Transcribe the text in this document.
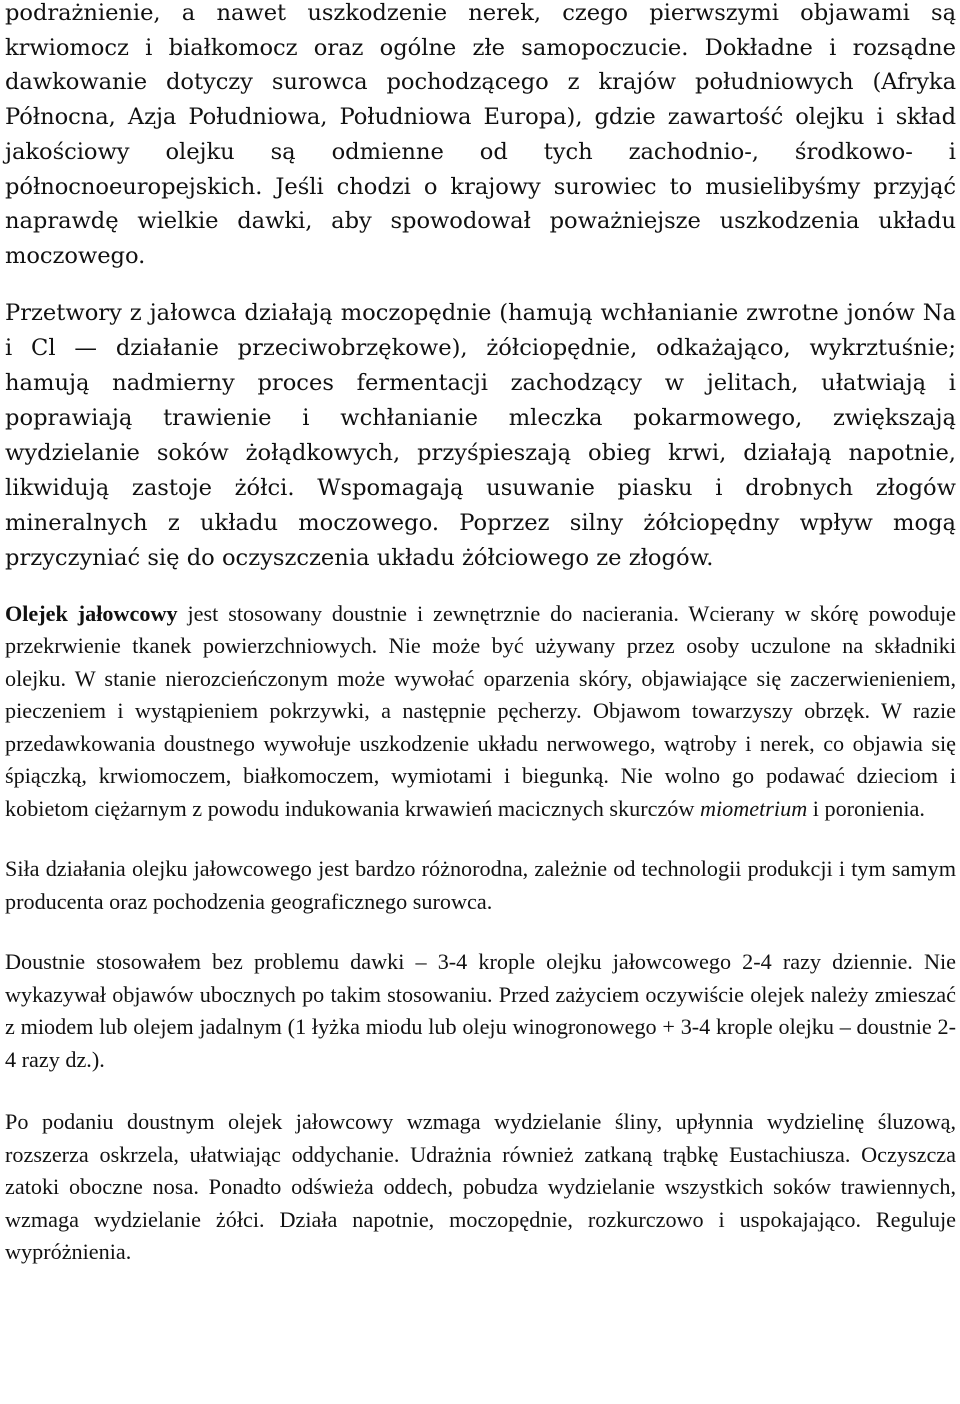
podrażnienie, a nawet uszkodzenie nerek, czego pierwszymi objawami są krwiomocz i białkomocz oraz ogólne złe samopoczucie. Dokładne i rozsądne dawkowanie dotyczy surowca pochodzącego z krajów południowych (Afryka Północna, Azja Południowa, Południowa Europa), gdzie zawartość olejku i skład jakościowy olejku są odmienne od tych zachodnio-, środkowo- i północnoeuropejskich. Jeśli chodzi o krajowy surowiec to musielibyśmy przyjąć naprawdę wielkie dawki, aby spowodował poważniejsze uszkodzenia układu moczowego.

Przetwory z jałowca działają moczopędnie (hamują wchłanianie zwrotne jonów Na i Cl — działanie przeciwobrzękowe), żółciopędnie, odkażająco, wykrztuśnie; hamują nadmierny proces fermentacji zachodzący w jelitach, ułatwiają i poprawiają trawienie i wchłanianie mleczka pokarmowego, zwiększają wydzielanie soków żołądkowych, przyśpieszają obieg krwi, działają napotnie, likwidują zastoje żółci. Wspomagają usuwanie piasku i drobnych złogów mineralnych z układu moczowego. Poprzez silny żółciopędny wpływ mogą przyczyniać się do oczyszczenia układu żółciowego ze złogów.

Olejek jałowcowy jest stosowany doustnie i zewnętrznie do nacierania. Wcierany w skórę powoduje przekrwienie tkanek powierzchniowych. Nie może być używany przez osoby uczulone na składniki olejku. W stanie nierozcieńczonym może wywołać oparzenia skóry, objawiające się zaczerwienieniem, pieczeniem i wystąpieniem pokrzywki, a następnie pęcherzy. Objawom towarzyszy obrzęk. W razie przedawkowania doustnego wywołuje uszkodzenie układu nerwowego, wątroby i nerek, co objawia się śpiączką, krwiomoczem, białkomoczem, wymiotami i biegunką. Nie wolno go podawać dzieciom i kobietom ciężarnym z powodu indukowania krwawień macicznych skurczów miometrium i poronienia.

Siła działania olejku jałowcowego jest bardzo różnorodna, zależnie od technologii produkcji i tym samym producenta oraz pochodzenia geograficznego surowca.

Doustnie stosowałem bez problemu dawki – 3-4 krople olejku jałowcowego 2-4 razy dziennie. Nie wykazywał objawów ubocznych po takim stosowaniu. Przed zażyciem oczywiście olejek należy zmieszać z miodem lub olejem jadalnym (1 łyżka miodu lub oleju winogronowego + 3-4 krople olejku – doustnie 2-4 razy dz.).

Po podaniu doustnym olejek jałowcowy wzmaga wydzielanie śliny, upłynnia wydzielinę śluzową, rozszerza oskrzela, ułatwiając oddychanie. Udrażnia również zatkaną trąbkę Eustachiusza. Oczyszcza zatoki oboczne nosa. Ponadto odświeża oddech, pobudza wydzielanie wszystkich soków trawiennych, wzmaga wydzielanie żółci. Działa napotnie, moczopędnie, rozkurczowo i uspokajająco. Reguluje wypróżnienia.
